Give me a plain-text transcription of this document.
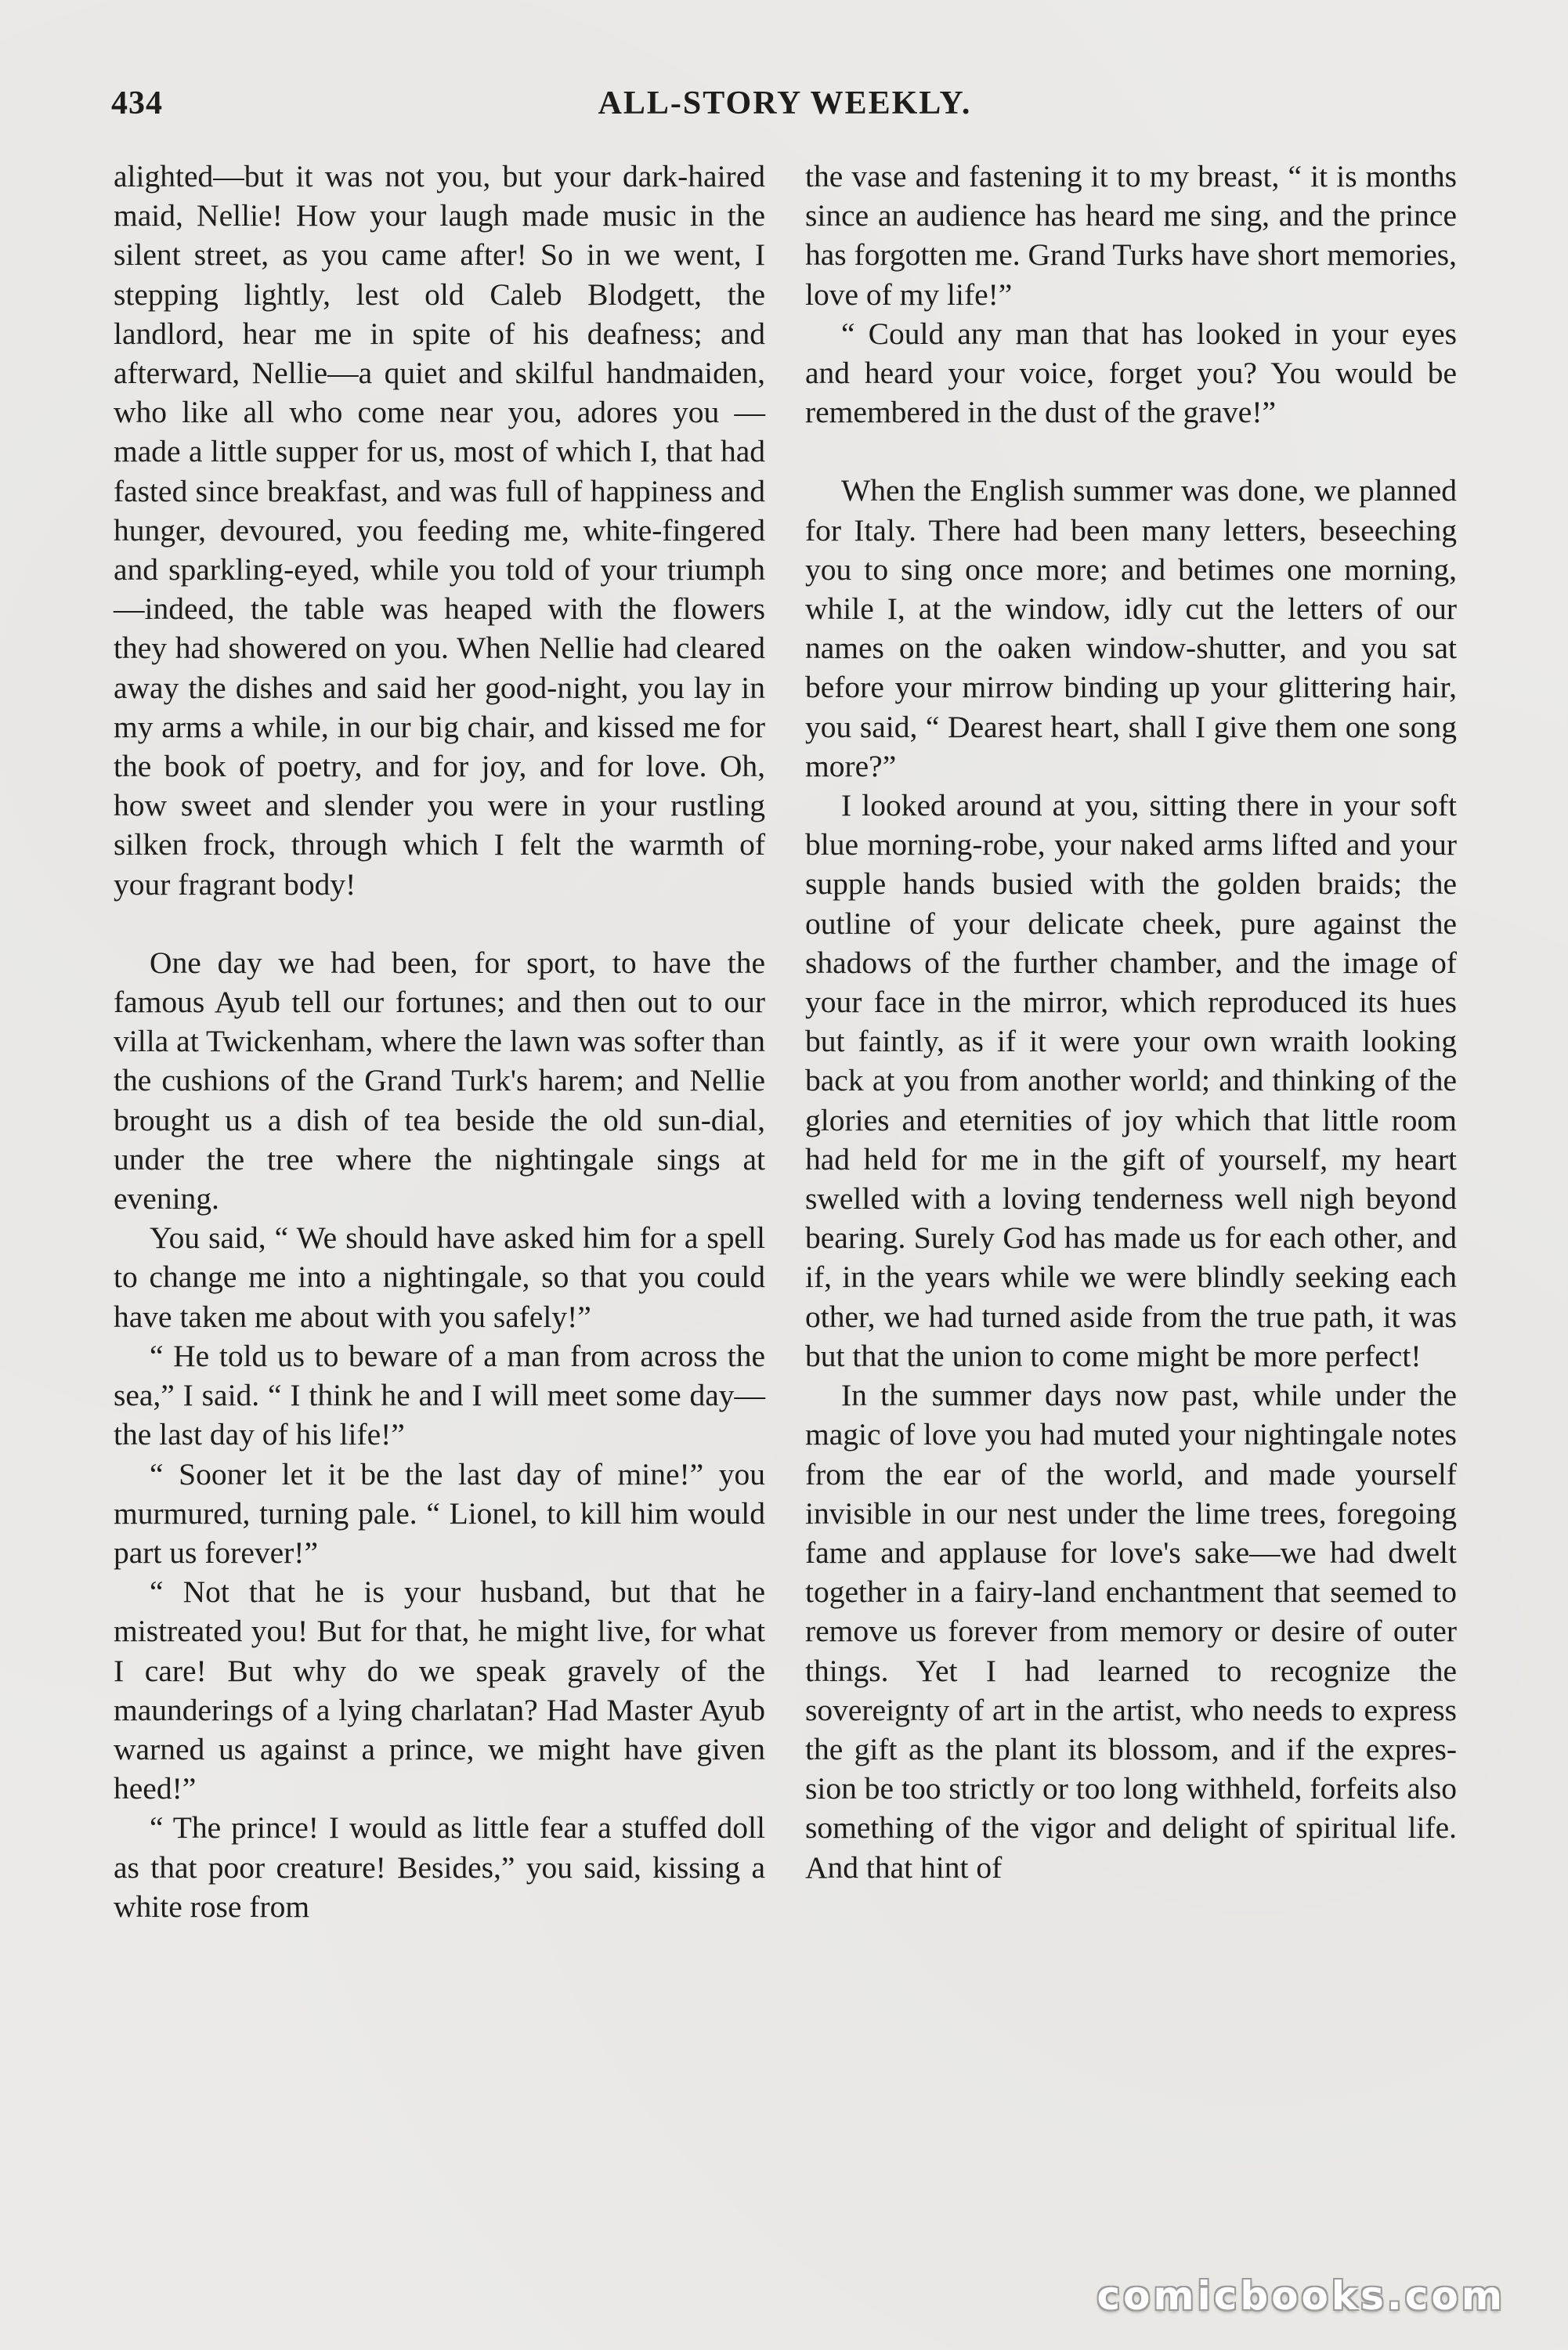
434	ALL-STORY WEEKLY.

alighted—but it was not you, but your dark-haired maid, Nellie! How your laugh made music in the silent street, as you came after! So in we went, I stepping lightly, lest old Caleb Blodgett, the landlord, hear me in spite of his deafness; and afterward, Nellie—a quiet and skilful handmaiden, who like all who come near you, adores you —made a little supper for us, most of which I, that had fasted since breakfast, and was full of happiness and hunger, devoured, you feeding me, white-fingered and sparkling-eyed, while you told of your triumph—indeed, the table was heaped with the flowers they had showered on you. When Nellie had cleared away the dishes and said her good-night, you lay in my arms a while, in our big chair, and kissed me for the book of poetry, and for joy, and for love. Oh, how sweet and slender you were in your rustling silken frock, through which I felt the warmth of your fragrant body!

One day we had been, for sport, to have the famous Ayub tell our fortunes; and then out to our villa at Twickenham, where the lawn was softer than the cushions of the Grand Turk's harem; and Nellie brought us a dish of tea beside the old sun-dial, under the tree where the nightingale sings at evening.

You said, “ We should have asked him for a spell to change me into a nightingale, so that you could have taken me about with you safely!”

“ He told us to beware of a man from across the sea,” I said. “ I think he and I will meet some day—the last day of his life!”

“ Sooner let it be the last day of mine!” you murmured, turning pale. “ Lionel, to kill him would part us forever!”

“ Not that he is your husband, but that he mistreated you! But for that, he might live, for what I care! But why do we speak gravely of the maunderings of a lying charlatan? Had Master Ayub warned us against a prince, we might have given heed!”

“ The prince! I would as little fear a stuffed doll as that poor creature! Besides,” you said, kissing a white rose from

the vase and fastening it to my breast, “ it is months since an audience has heard me sing, and the prince has forgotten me. Grand Turks have short memories, love of my life!”

“ Could any man that has looked in your eyes and heard your voice, forget you? You would be remembered in the dust of the grave!”

When the English summer was done, we planned for Italy. There had been many letters, beseeching you to sing once more; and betimes one morning, while I, at the window, idly cut the letters of our names on the oaken window-shutter, and you sat before your mirrow binding up your glittering hair, you said, “ Dearest heart, shall I give them one song more?”

I looked around at you, sitting there in your soft blue morning-robe, your naked arms lifted and your supple hands busied with the golden braids; the outline of your delicate cheek, pure against the shadows of the further chamber, and the image of your face in the mirror, which reproduced its hues but faintly, as if it were your own wraith looking back at you from another world; and thinking of the glories and eternities of joy which that little room had held for me in the gift of yourself, my heart swelled with a loving tenderness well nigh beyond bearing. Surely God has made us for each other, and if, in the years while we were blindly seeking each other, we had turned aside from the true path, it was but that the union to come might be more perfect!

In the summer days now past, while under the magic of love you had muted your nightingale notes from the ear of the world, and made yourself invisible in our nest under the lime trees, foregoing fame and applause for love's sake—we had dwelt together in a fairy-land enchantment that seemed to remove us forever from memory or desire of outer things. Yet I had learned to recognize the sovereignty of art in the artist, who needs to express the gift as the plant its blossom, and if the expression be too strictly or too long withheld, forfeits also something of the vigor and delight of spiritual life. And that hint of

comicbooks.com
